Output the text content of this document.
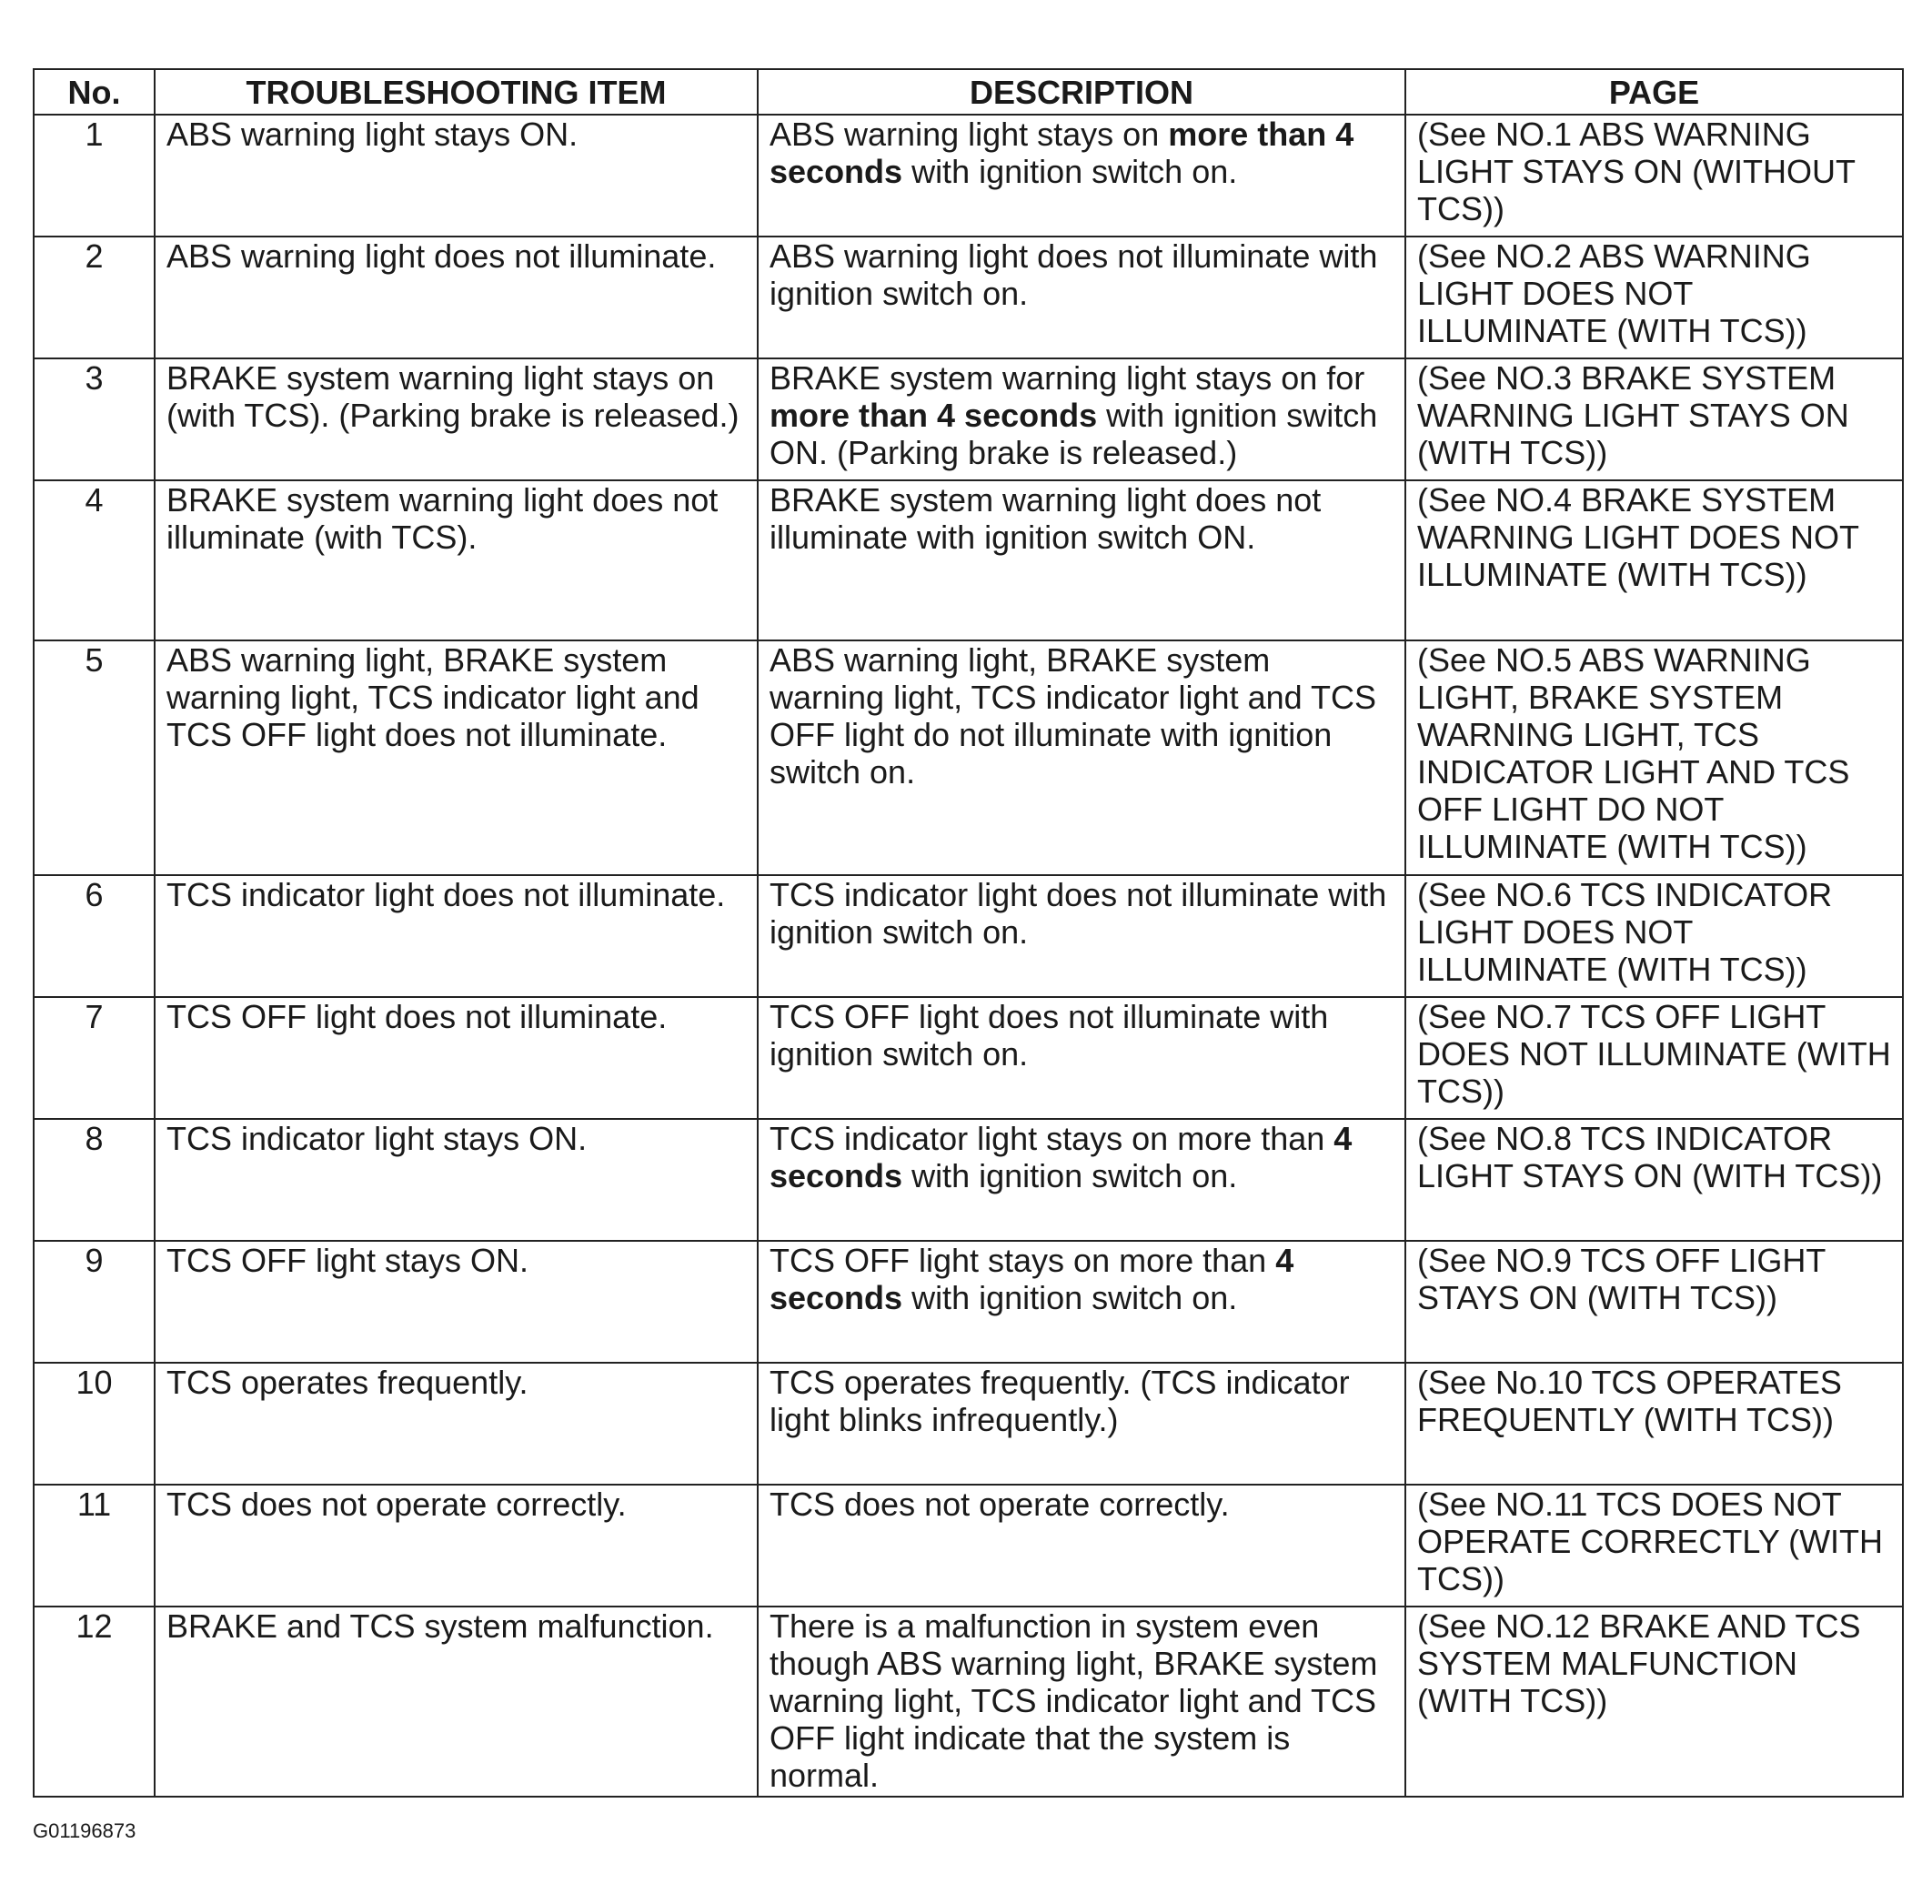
No.	TROUBLESHOOTING ITEM	DESCRIPTION	PAGE
1	ABS warning light stays ON.	ABS warning light stays on more than 4 seconds with ignition switch on.	(See NO.1 ABS WARNING LIGHT STAYS ON (WITHOUT TCS))
2	ABS warning light does not illuminate.	ABS warning light does not illuminate with ignition switch on.	(See NO.2 ABS WARNING LIGHT DOES NOT ILLUMINATE (WITH TCS))
3	BRAKE system warning light stays on (with TCS). (Parking brake is released.)	BRAKE system warning light stays on for more than 4 seconds with ignition switch ON. (Parking brake is released.)	(See NO.3 BRAKE SYSTEM WARNING LIGHT STAYS ON (WITH TCS))
4	BRAKE system warning light does not illuminate (with TCS).	BRAKE system warning light does not illuminate with ignition switch ON.	(See NO.4 BRAKE SYSTEM WARNING LIGHT DOES NOT ILLUMINATE (WITH TCS))
5	ABS warning light, BRAKE system warning light, TCS indicator light and TCS OFF light does not illuminate.	ABS warning light, BRAKE system warning light, TCS indicator light and TCS OFF light do not illuminate with ignition switch on.	(See NO.5 ABS WARNING LIGHT, BRAKE SYSTEM WARNING LIGHT, TCS INDICATOR LIGHT AND TCS OFF LIGHT DO NOT ILLUMINATE (WITH TCS))
6	TCS indicator light does not illuminate.	TCS indicator light does not illuminate with ignition switch on.	(See NO.6 TCS INDICATOR LIGHT DOES NOT ILLUMINATE (WITH TCS))
7	TCS OFF light does not illuminate.	TCS OFF light does not illuminate with ignition switch on.	(See NO.7 TCS OFF LIGHT DOES NOT ILLUMINATE (WITH TCS))
8	TCS indicator light stays ON.	TCS indicator light stays on more than 4 seconds with ignition switch on.	(See NO.8 TCS INDICATOR LIGHT STAYS ON (WITH TCS))
9	TCS OFF light stays ON.	TCS OFF light stays on more than 4 seconds with ignition switch on.	(See NO.9 TCS OFF LIGHT STAYS ON (WITH TCS))
10	TCS operates frequently.	TCS operates frequently. (TCS indicator light blinks infrequently.)	(See No.10 TCS OPERATES FREQUENTLY (WITH TCS))
11	TCS does not operate correctly.	TCS does not operate correctly.	(See NO.11 TCS DOES NOT OPERATE CORRECTLY (WITH TCS))
12	BRAKE and TCS system malfunction.	There is a malfunction in system even though ABS warning light, BRAKE system warning light, TCS indicator light and TCS OFF light indicate that the system is normal.	(See NO.12 BRAKE AND TCS SYSTEM MALFUNCTION (WITH TCS))
G01196873
